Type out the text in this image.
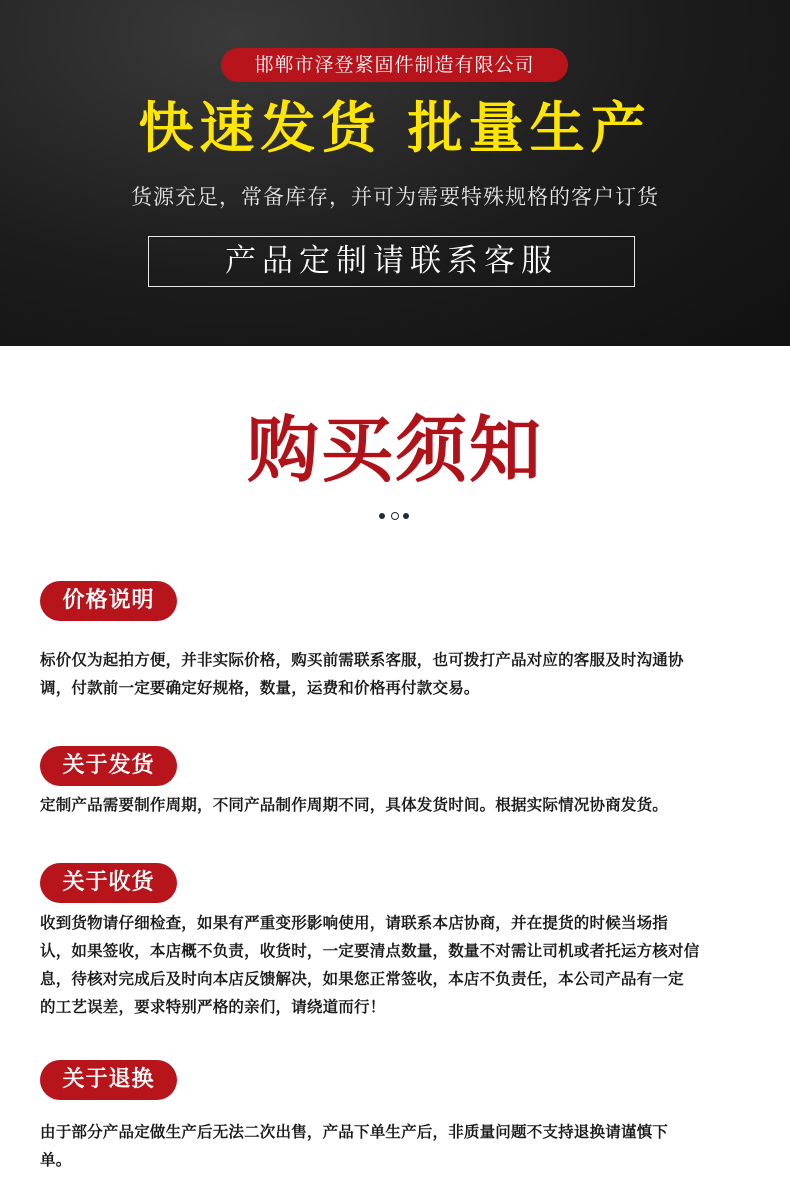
邯郸市泽登紧固件制造有限公司
快速发货 批量生产
货源充足，常备库存，并可为需要特殊规格的客户订货
产品定制请联系客服
购买须知
价格说明
标价仅为起拍方便，并非实际价格，购买前需联系客服，也可拨打产品对应的客服及时沟通协
调，付款前一定要确定好规格，数量，运费和价格再付款交易。
关于发货
定制产品需要制作周期，不同产品制作周期不同，具体发货时间。根据实际情况协商发货。
关于收货
收到货物请仔细检查，如果有严重变形影响使用，请联系本店协商，并在提货的时候当场指
认，如果签收，本店概不负责，收货时，一定要清点数量，数量不对需让司机或者托运方核对信
息，待核对完成后及时向本店反馈解决，如果您正常签收，本店不负责任，本公司产品有一定
的工艺误差，要求特别严格的亲们，请绕道而行！
关于退换
由于部分产品定做生产后无法二次出售，产品下单生产后，非质量问题不支持退换请谨慎下
单。
